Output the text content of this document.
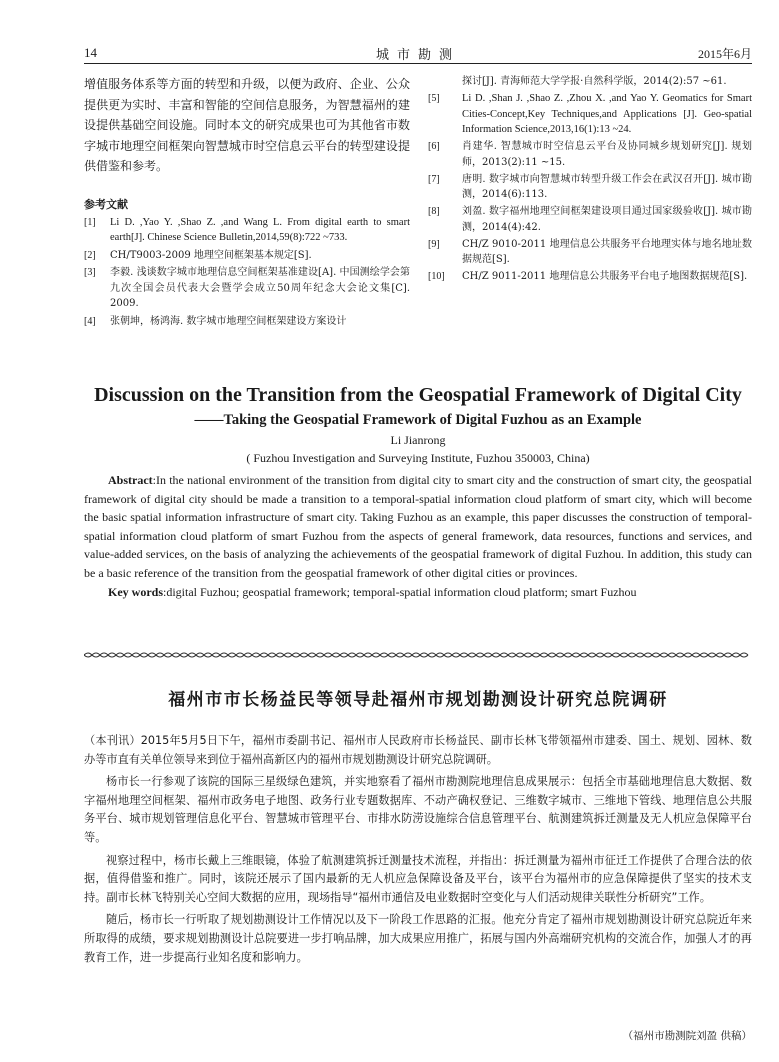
14	城市勘测	2015年6月

增值服务体系等方面的转型和升级，以便为政府、企业、公众提供更为实时、丰富和智能的空间信息服务，为智慧福州的建设提供基础空间设施。同时本文的研究成果也可为其他省市数字城市地理空间框架向智慧城市时空信息云平台的转型建设提供借鉴和参考。

参考文献
[1]	Li D. ,Yao Y. ,Shao Z. ,and Wang L. From digital earth to smart earth[J]. Chinese Science Bulletin,2014,59(8):722 ~733.
[2]	CH/T9003-2009 地理空间框架基本规定[S].
[3]	李毅. 浅谈数字城市地理信息空间框架基准建设[A]. 中国测绘学会第九次全国会员代表大会暨学会成立50周年纪念大会论文集[C]. 2009.
[4]	张朝坤，杨鸿海. 数字城市地理空间框架建设方案设计
探讨[J]. 青海师范大学学报·自然科学版，2014(2):57 ~61.
[5]	Li D. ,Shan J. ,Shao Z. ,Zhou X. ,and Yao Y. Geomatics for Smart Cities-Concept,Key Techniques,and Applications [J]. Geo-spatial Information Science,2013,16(1):13 ~24.
[6]	肖建华. 智慧城市时空信息云平台及协同城乡规划研究[J]. 规划师，2013(2):11 ~15.
[7]	唐明. 数字城市向智慧城市转型升级工作会在武汉召开[J]. 城市勘测，2014(6):113.
[8]	刘盈. 数字福州地理空间框架建设项目通过国家级验收[J]. 城市勘测，2014(4):42.
[9]	CH/Z 9010-2011 地理信息公共服务平台地理实体与地名地址数据规范[S].
[10]	CH/Z 9011-2011 地理信息公共服务平台电子地图数据规范[S].
Discussion on the Transition from the Geospatial Framework of Digital City
——Taking the Geospatial Framework of Digital Fuzhou as an Example
Li Jianrong
( Fuzhou Investigation and Surveying Institute, Fuzhou 350003, China)

Abstract:In the national environment of the transition from digital city to smart city and the construction of smart city, the geospatial framework of digital city should be made a transition to a temporal-spatial information cloud platform of smart city, which will become the basic spatial information infrastructure of smart city. Taking Fuzhou as an example, this paper discusses the construction of temporal-spatial information cloud platform of smart Fuzhou from the aspects of general framework, data resources, functions and services, and value-added services, on the basis of analyzing the achievements of the geospatial framework of digital Fuzhou. In addition, this study can be a basic reference of the transition from the geospatial framework of other digital cities or provinces.

Key words:digital Fuzhou; geospatial framework; temporal-spatial information cloud platform; smart Fuzhou

福州市市长杨益民等领导赴福州市规划勘测设计研究总院调研

（本刊讯）2015年5月5日下午，福州市委副书记、福州市人民政府市长杨益民、副市长林飞带领福州市建委、国土、规划、园林、数办等市直有关单位领导来到位于福州高新区内的福州市规划勘测设计研究总院调研。

杨市长一行参观了该院的国际三星级绿色建筑，并实地察看了福州市勘测院地理信息成果展示：包括全市基础地理信息大数据、数字福州地理空间框架、福州市政务电子地图、政务行业专题数据库、不动产确权登记、三维数字城市、三维地下管线、地理信息公共服务平台、城市规划管理信息化平台、智慧城市管理平台、市排水防涝设施综合信息管理平台、航测建筑拆迁测量及无人机应急保障平台等。

视察过程中，杨市长戴上三维眼镜，体验了航测建筑拆迁测量技术流程，并指出：拆迁测量为福州市征迁工作提供了合理合法的依据，值得借鉴和推广。同时，该院还展示了国内最新的无人机应急保障设备及平台，该平台为福州市的应急保障提供了坚实的技术支持。副市长林飞特别关心空间大数据的应用，现场指导“福州市通信及电业数据时空变化与人们活动规律关联性分析研究”工作。

随后，杨市长一行听取了规划勘测设计工作情况以及下一阶段工作思路的汇报。他充分肯定了福州市规划勘测设计研究总院近年来所取得的成绩，要求规划勘测设计总院要进一步打响品牌，加大成果应用推广，拓展与国内外高端研究机构的交流合作，加强人才的再教育工作，进一步提高行业知名度和影响力。

（福州市勘测院刘盈 供稿）
